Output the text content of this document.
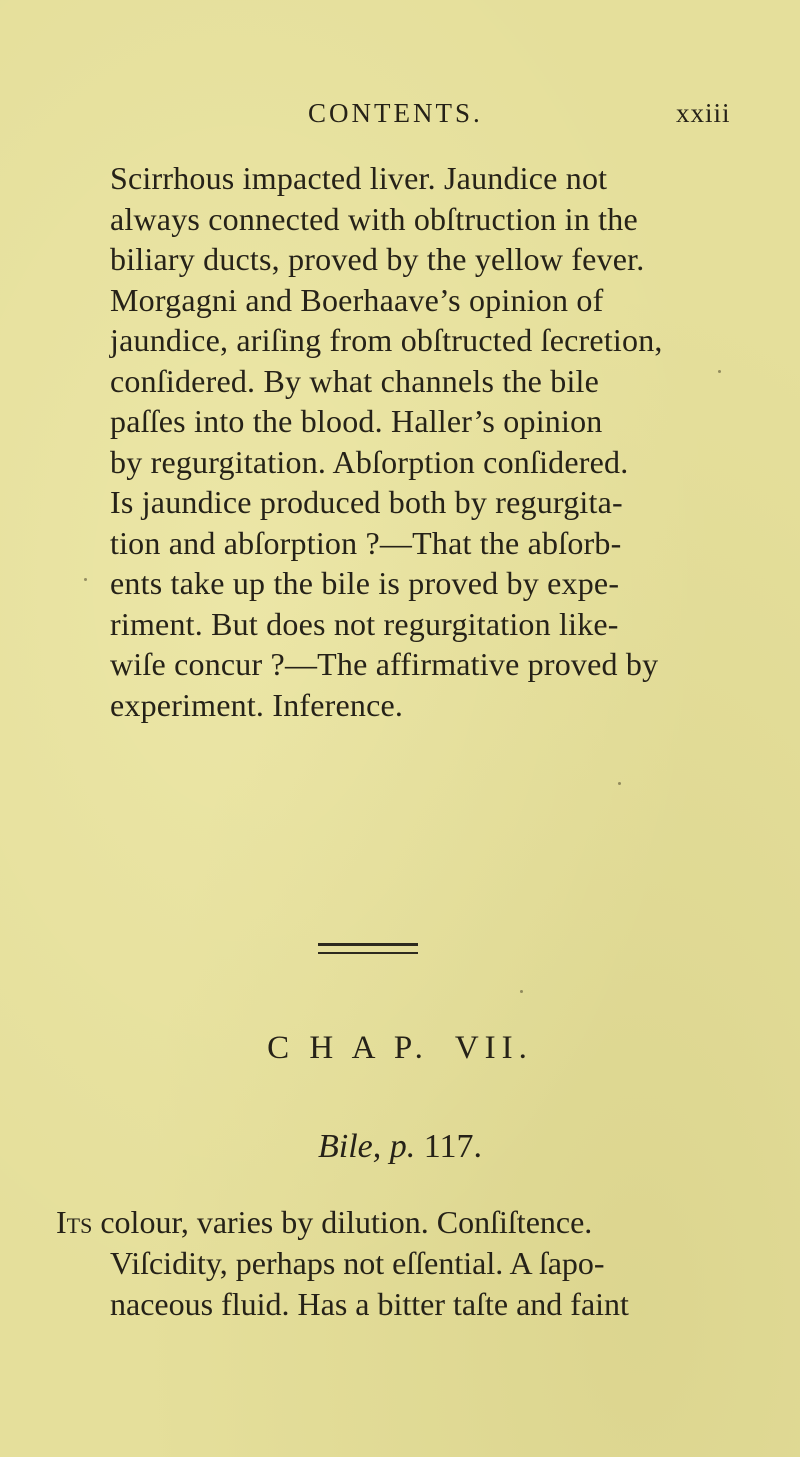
CONTENTS.	xxiii
Scirrhous impacted liver. Jaundice not
always connected with obſtruction in the
biliary ducts, proved by the yellow fever.
Morgagni and Boerhaave’s opinion of
jaundice, ariſing from obſtructed ſecretion,
conſidered. By what channels the bile
paſſes into the blood. Haller’s opinion
by regurgitation. Abſorption conſidered.
Is jaundice produced both by regurgita-
tion and abſorption ?—That the abſorb-
ents take up the bile is proved by expe-
riment. But does not regurgitation like-
wiſe concur ?—The affirmative proved by
experiment. Inference.
C H A P. VII.
Bile, p. 117.
Its colour, varies by dilution. Conſiſtence.
Viſcidity, perhaps not eſſential. A ſapo-
naceous fluid. Has a bitter taſte and faint
